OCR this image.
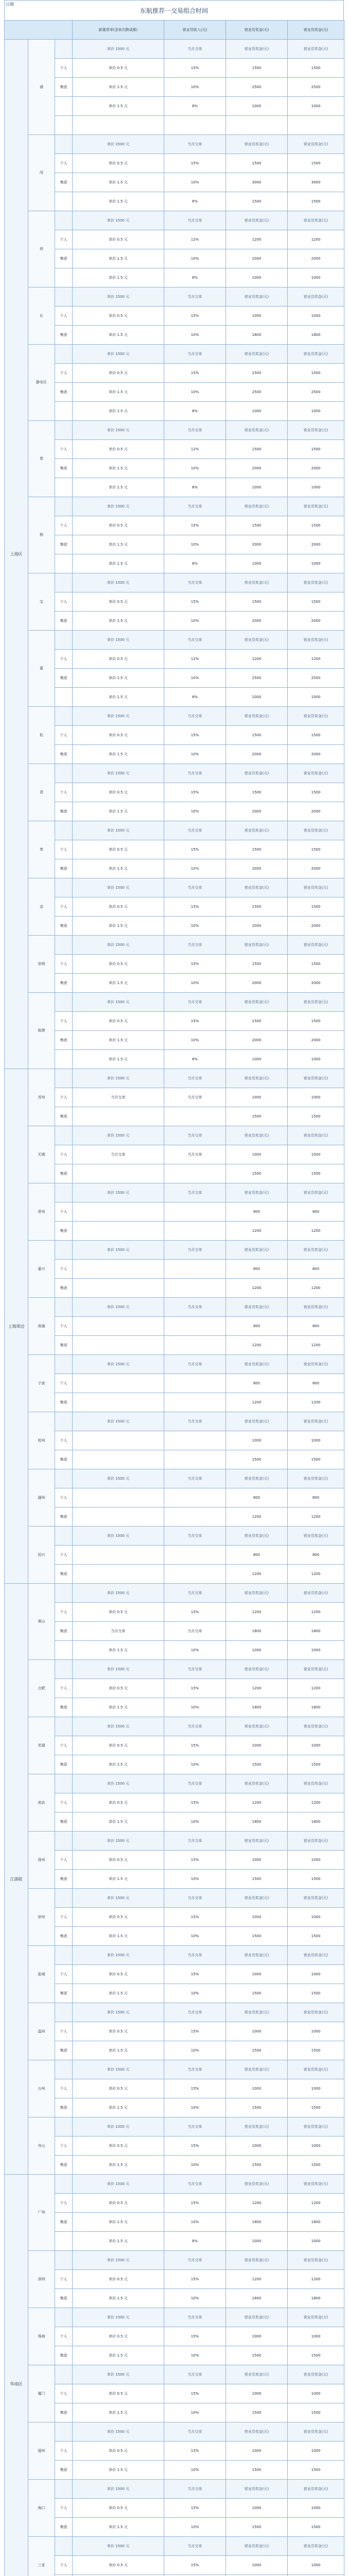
日期
东航推荐一交易组合时间
			新推荐单(含单次跨成都)	营业员收入(元)	营业员奖金(元)	营业员奖金(元)
上海区	浦		单价 1500 元	当月交单	营业员奖金(元)	营业员奖金(元)
		个人	单价 0.5 元	15%	1500	1500
		集团	单价 1.5 元	10%	2500	2500
			单价 1.5 元	8%	1000	1000

	闵		单价 1500 元	当月交单	营业员奖金(元)	营业员奖金(元)
		个人	单价 0.5 元	15%	1500	1500
		集团	单价 1.5 元	10%	3000	3000
			单价 1.5 元	8%	1500	1500
	徐		单价 1500 元	当月交单	营业员奖金(元)	营业员奖金(元)
		个人	单价 0.5 元	12%	1200	1200
		集团	单价 1.5 元	10%	2000	2000
			单价 1.5 元	8%	1000	1000
	长		单价 1500 元	当月交单	营业员奖金(元)	营业员奖金(元)
		个人	单价 0.5 元	15%	1000	1000
		集团	单价 1.5 元	10%	1800	1800
	静安区		单价 1500 元	当月交单	营业员奖金(元)	营业员奖金(元)
		个人	单价 0.5 元	15%	1500	1500
		集团	单价 1.5 元	10%	2500	2500
			单价 1.5 元	8%	1000	1000
	普		单价 1500 元	当月交单	营业员奖金(元)	营业员奖金(元)
		个人	单价 0.5 元	12%	1500	1500
		集团	单价 1.5 元	10%	2000	2000
			单价 1.5 元	8%	1000	1000
	杨		单价 1500 元	当月交单	营业员奖金(元)	营业员奖金(元)
		个人	单价 0.5 元	15%	1500	1500
		集团	单价 1.5 元	10%	2000	2000
			单价 1.5 元	8%	1000	1000
	宝		单价 1500 元	当月交单	营业员奖金(元)	营业员奖金(元)
		个人	单价 0.5 元	15%	1500	1500
		集团	单价 1.5 元	10%	2000	2000
	嘉		单价 1500 元	当月交单	营业员奖金(元)	营业员奖金(元)
		个人	单价 0.5 元	12%	1200	1200
		集团	单价 1.5 元	10%	2500	2500
			单价 1.5 元	8%	1000	1000
	松		单价 1500 元	当月交单	营业员奖金(元)	营业员奖金(元)
		个人	单价 0.5 元	15%	1500	1500
		集团	单价 1.5 元	10%	2000	2000
	青		单价 1500 元	当月交单	营业员奖金(元)	营业员奖金(元)
		个人	单价 0.5 元	15%	1500	1500
		集团	单价 1.5 元	10%	2000	2000
	奉		单价 1500 元	当月交单	营业员奖金(元)	营业员奖金(元)
		个人	单价 0.5 元	15%	1500	1500
		集团	单价 1.5 元	10%	2000	2000
	金		单价 1500 元	当月交单	营业员奖金(元)	营业员奖金(元)
		个人	单价 0.5 元	15%	1500	1500
		集团	单价 1.5 元	10%	2000	2000
	崇明		单价 1500 元	当月交单	营业员奖金(元)	营业员奖金(元)
		个人	单价 0.5 元	15%	1500	1500
		集团	单价 1.5 元	10%	2000	2000
	临港		单价 1500 元	当月交单	营业员奖金(元)	营业员奖金(元)
		个人	单价 0.5 元	15%	1500	1500
		集团	单价 1.5 元	10%	2000	2000
			单价 1.5 元	8%	1000	1000
上海周边	苏州		单价 1500 元	当月交单	营业员奖金(元)	营业员奖金(元)
		个人	当月交单	当月交单	1000	1000
		集团			1500	1500
	无锡		单价 1500 元	当月交单	营业员奖金(元)	营业员奖金(元)
		个人	当月交单	当月交单	1000	1000
		集团			1500	1500
	常州		单价 1500 元	当月交单	营业员奖金(元)	营业员奖金(元)
		个人			800	800
		集团			1200	1200
	嘉兴		单价 1500 元	当月交单	营业员奖金(元)	营业员奖金(元)
		个人			800	800
		集团			1200	1200
	南通		单价 1500 元	当月交单	营业员奖金(元)	营业员奖金(元)
		个人			800	800
		集团			1200	1200
	宁波		单价 1500 元	当月交单	营业员奖金(元)	营业员奖金(元)
		个人			800	800
		集团			1200	1200
	杭州		单价 1500 元	当月交单	营业员奖金(元)	营业员奖金(元)
		个人			1000	1000
		集团			1500	1500
	湖州		单价 1500 元	当月交单	营业员奖金(元)	营业员奖金(元)
		个人			800	800
		集团			1200	1200
	绍兴		单价 1500 元	当月交单	营业员奖金(元)	营业员奖金(元)
		个人			800	800
		集团			1200	1200
江浙皖	黄山		单价 1500 元	当月交单	营业员奖金(元)	营业员奖金(元)
		个人	单价 0.5 元	15%	1200	1200
		集团	当月交单	当月交单	1800	1800
			单价 1.5 元	10%	1000	1000
	合肥		单价 1500 元	当月交单	营业员奖金(元)	营业员奖金(元)
		个人	单价 0.5 元	15%	1200	1200
		集团	单价 1.5 元	10%	1800	1800
	芜湖		单价 1500 元	当月交单	营业员奖金(元)	营业员奖金(元)
		个人	单价 0.5 元	15%	1000	1000
		集团	单价 1.5 元	10%	1500	1500
	南京		单价 1500 元	当月交单	营业员奖金(元)	营业员奖金(元)
		个人	单价 0.5 元	15%	1200	1200
		集团	单价 1.5 元	10%	1800	1800
	扬州		单价 1500 元	当月交单	营业员奖金(元)	营业员奖金(元)
		个人	单价 0.5 元	15%	1000	1000
		集团	单价 1.5 元	10%	1500	1500
	徐州		单价 1500 元	当月交单	营业员奖金(元)	营业员奖金(元)
		个人	单价 0.5 元	15%	1000	1000
		集团	单价 1.5 元	10%	1500	1500
	盐城		单价 1500 元	当月交单	营业员奖金(元)	营业员奖金(元)
		个人	单价 0.5 元	15%	1000	1000
		集团	单价 1.5 元	10%	1500	1500
	温州		单价 1500 元	当月交单	营业员奖金(元)	营业员奖金(元)
		个人	单价 0.5 元	15%	1000	1000
		集团	单价 1.5 元	10%	1500	1500
	台州		单价 1500 元	当月交单	营业员奖金(元)	营业员奖金(元)
		个人	单价 0.5 元	15%	1000	1000
		集团	单价 1.5 元	10%	1500	1500
	舟山		单价 1500 元	当月交单	营业员奖金(元)	营业员奖金(元)
		个人	单价 0.5 元	15%	1000	1000
		集团	单价 1.5 元	10%	1500	1500
华南区	广州		单价 1500 元	当月交单	营业员奖金(元)	营业员奖金(元)
		个人	单价 0.5 元	15%	1200	1200
		集团	单价 1.5 元	10%	1800	1800
			单价 1.5 元	8%	1000	1000
	深圳		单价 1500 元	当月交单	营业员奖金(元)	营业员奖金(元)
		个人	单价 0.5 元	15%	1200	1200
		集团	单价 1.5 元	10%	1800	1800
	珠海		单价 1500 元	当月交单	营业员奖金(元)	营业员奖金(元)
		个人	单价 0.5 元	15%	1000	1000
		集团	单价 1.5 元	10%	1500	1500
	厦门		单价 1500 元	当月交单	营业员奖金(元)	营业员奖金(元)
		个人	单价 0.5 元	15%	1000	1000
		集团	单价 1.5 元	10%	1500	1500
	福州		单价 1500 元	当月交单	营业员奖金(元)	营业员奖金(元)
		个人	单价 0.5 元	15%	1000	1000
		集团	单价 1.5 元	10%	1500	1500
	海口		单价 1500 元	当月交单	营业员奖金(元)	营业员奖金(元)
		个人	单价 0.5 元	15%	1000	1000
		集团	单价 1.5 元	10%	1500	1500
	三亚		单价 1500 元	当月交单	营业员奖金(元)	营业员奖金(元)
		个人	单价 0.5 元	15%	1000	1000
